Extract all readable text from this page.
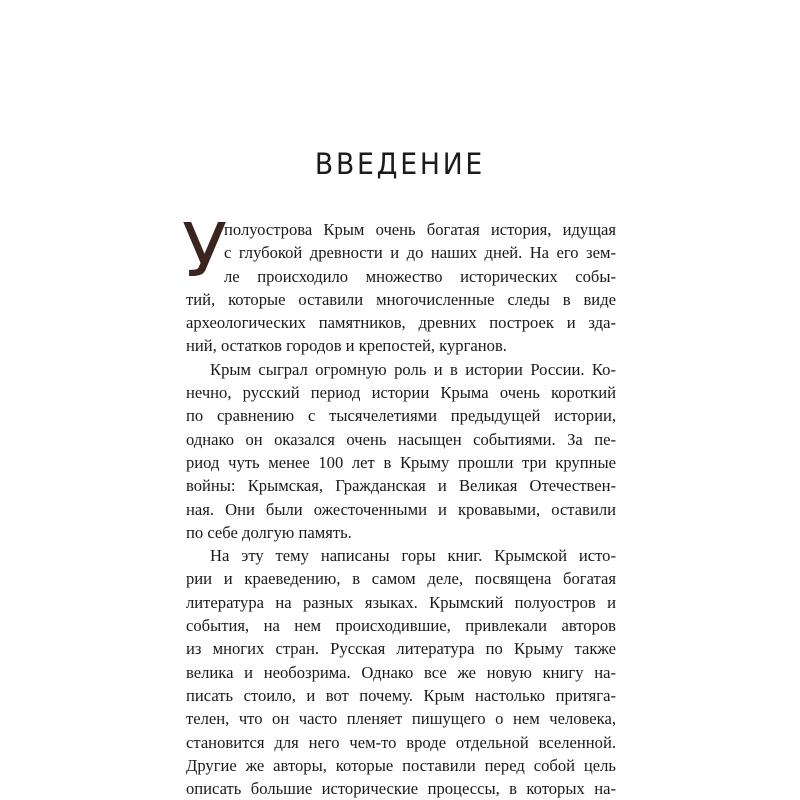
ВВЕДЕНИЕ
У
полуострова Крым очень богатая история, идущая
с глубокой древности и до наших дней. На его зем-
ле происходило множество исторических собы-
тий, которые оставили многочисленные следы в виде
археологических памятников, древних построек и зда-
ний, остатков городов и крепостей, курганов.
Крым сыграл огромную роль и в истории России. Ко-
нечно, русский период истории Крыма очень короткий
по сравнению с тысячелетиями предыдущей истории,
однако он оказался очень насыщен событиями. За пе-
риод чуть менее 100 лет в Крыму прошли три крупные
войны: Крымская, Гражданская и Великая Отечествен-
ная. Они были ожесточенными и кровавыми, оставили
по себе долгую память.
На эту тему написаны горы книг. Крымской исто-
рии и краеведению, в самом деле, посвящена богатая
литература на разных языках. Крымский полуостров и
события, на нем происходившие, привлекали авторов
из многих стран. Русская литература по Крыму также
велика и необозрима. Однако все же новую книгу на-
писать стоило, и вот почему. Крым настолько притяга-
телен, что он часто пленяет пишущего о нем человека,
становится для него чем-то вроде отдельной вселенной.
Другие же авторы, которые поставили перед собой цель
описать большие исторические процессы, в которых на-
